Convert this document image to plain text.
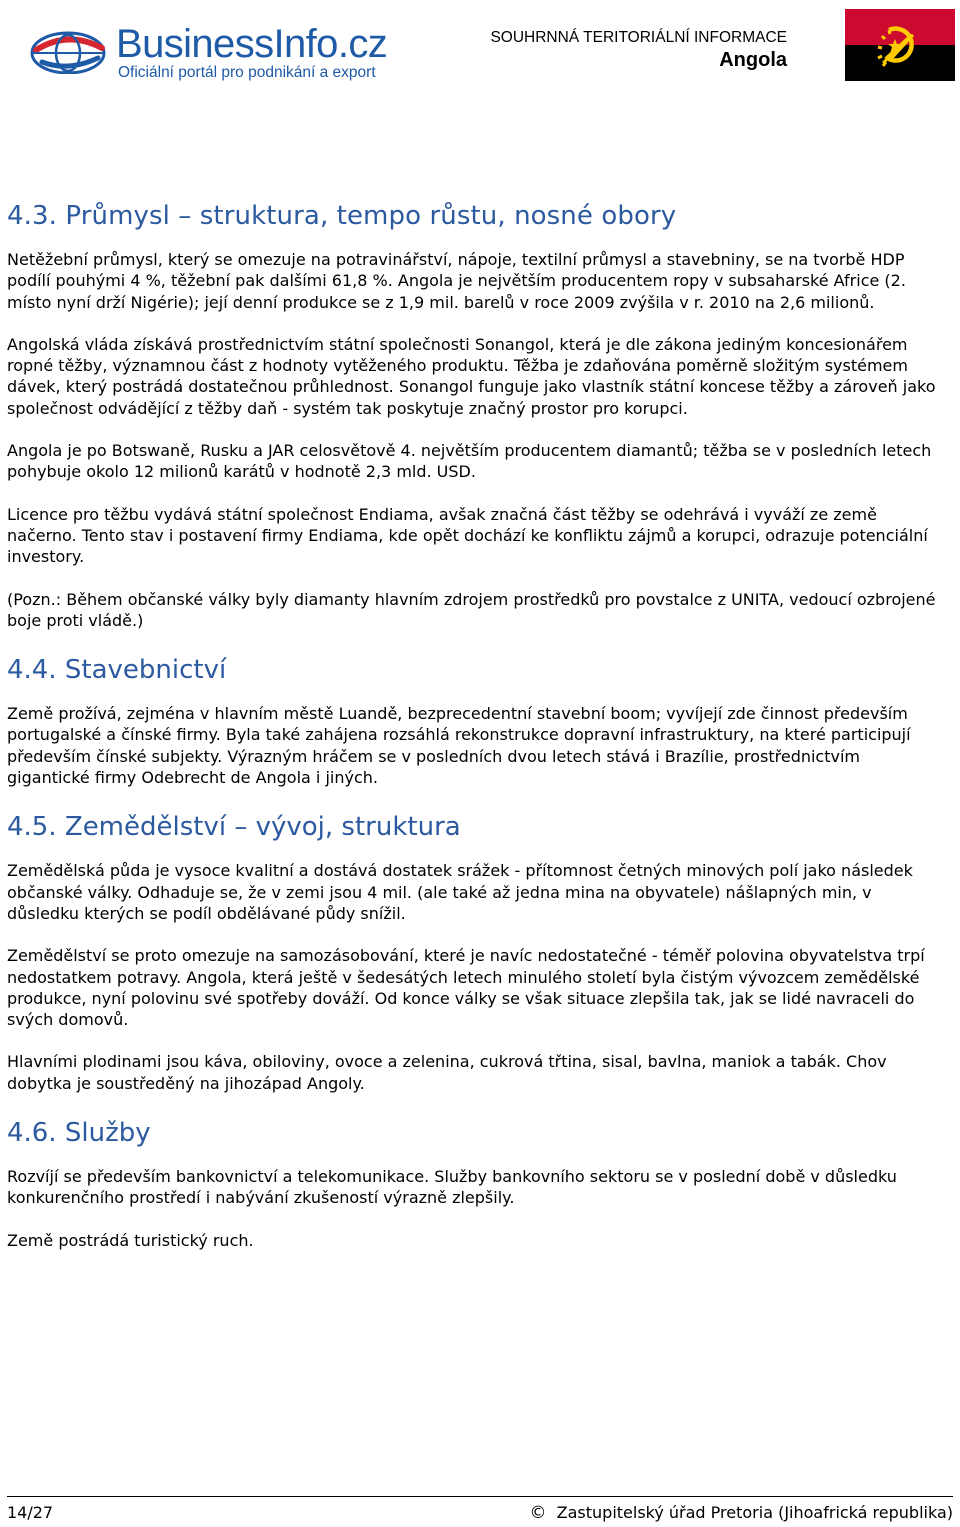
BusinessInfo.cz

Oficiální portál pro podnikání a export

SOUHRNNÁ TERITORIÁLNÍ INFORMACE
Angola
4.3. Průmysl – struktura, tempo růstu, nosné obory

Netěžební průmysl, který se omezuje na potravinářství, nápoje, textilní průmysl a stavebniny, se na tvorbě HDP podílí pouhými 4 %, těžební pak dalšími 61,8 %. Angola je největším producentem ropy v subsaharské Africe (2. místo nyní drží Nigérie); její denní produkce se z 1,9 mil. barelů v roce 2009 zvýšila v r. 2010 na 2,6 milionů.

Angolská vláda získává prostřednictvím státní společnosti Sonangol, která je dle zákona jediným koncesionářem ropné těžby, významnou část z hodnoty vytěženého produktu. Těžba je zdaňována poměrně složitým systémem dávek, který postrádá dostatečnou průhlednost. Sonangol funguje jako vlastník státní koncese těžby a zároveň jako společnost odvádějící z těžby daň - systém tak poskytuje značný prostor pro korupci.

Angola je po Botswaně, Rusku a JAR celosvětově 4. největším producentem diamantů; těžba se v posledních letech pohybuje okolo 12 milionů karátů v hodnotě 2,3 mld. USD.

Licence pro těžbu vydává státní společnost Endiama, avšak značná část těžby se odehrává i vyváží ze země načerno. Tento stav i postavení firmy Endiama, kde opět dochází ke konfliktu zájmů a korupci, odrazuje potenciální investory.

(Pozn.: Během občanské války byly diamanty hlavním zdrojem prostředků pro povstalce z UNITA, vedoucí ozbrojené boje proti vládě.)

4.4. Stavebnictví

Země prožívá, zejména v hlavním městě Luandě, bezprecedentní stavební boom; vyvíjejí zde činnost především portugalské a čínské firmy. Byla také zahájena rozsáhlá rekonstrukce dopravní infrastruktury, na které participují především čínské subjekty. Výrazným hráčem se v posledních dvou letech stává i Brazílie, prostřednictvím gigantické firmy Odebrecht de Angola i jiných.

4.5. Zemědělství – vývoj, struktura

Zemědělská půda je vysoce kvalitní a dostává dostatek srážek - přítomnost četných minových polí jako následek občanské války. Odhaduje se, že v zemi jsou 4 mil. (ale také až jedna mina na obyvatele) nášlapných min, v důsledku kterých se podíl obdělávané půdy snížil.

Zemědělství se proto omezuje na samozásobování, které je navíc nedostatečné - téměř polovina obyvatelstva trpí nedostatkem potravy. Angola, která ještě v šedesátých letech minulého století byla čistým vývozcem zemědělské produkce, nyní polovinu své spotřeby dováží. Od konce války se však situace zlepšila tak, jak se lidé navraceli do svých domovů.

Hlavními plodinami jsou káva, obiloviny, ovoce a zelenina, cukrová třtina, sisal, bavlna, maniok a tabák. Chov dobytka je soustředěný na jihozápad Angoly.

4.6. Služby

Rozvíjí se především bankovnictví a telekomunikace. Služby bankovního sektoru se v poslední době v důsledku konkurenčního prostředí i nabývání zkušeností výrazně zlepšily.

Země postrádá turistický ruch.

14/27	© Zastupitelský úřad Pretoria (Jihoafrická republika)
